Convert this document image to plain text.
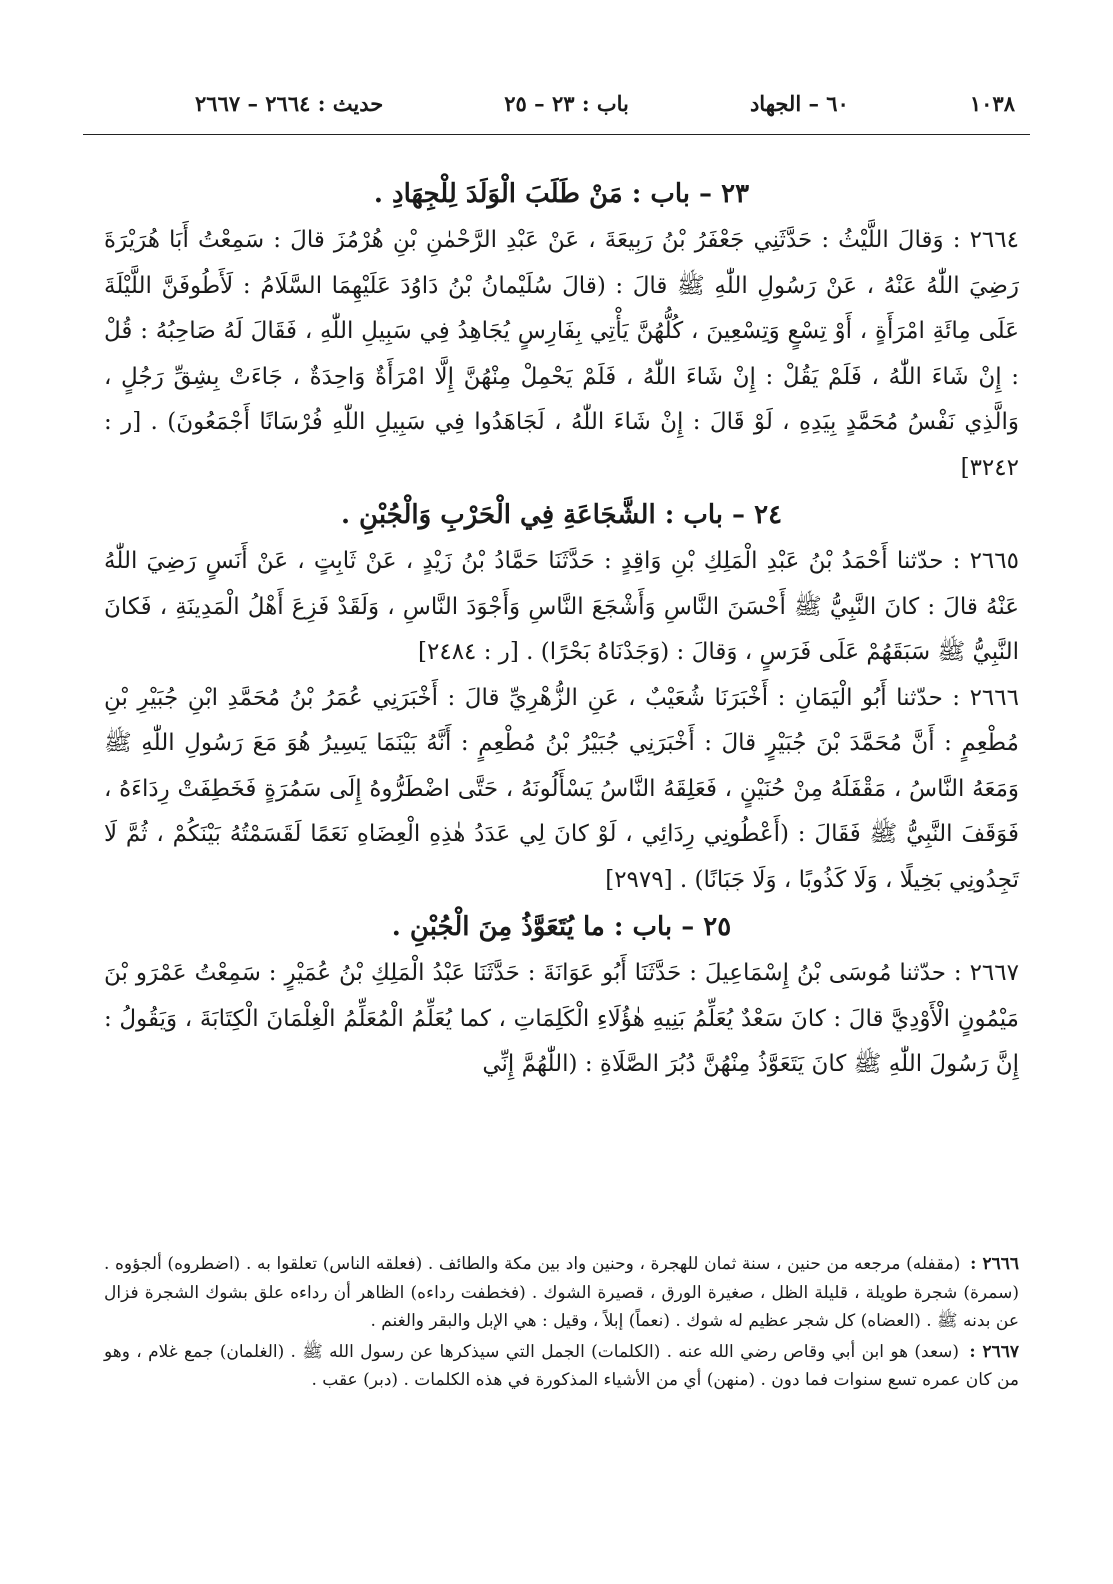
١٠٣٨
٦٠ – الجهاد
باب : ٢٣ – ٢٥
حديث : ٢٦٦٤ – ٢٦٦٧

٢٣ – باب : مَنْ طَلَبَ الْوَلَدَ لِلْجِهَادِ .

٢٦٦٤ : وَقالَ اللَّيْثُ : حَدَّثَنِي جَعْفَرُ بْنُ رَبِيعَةَ ، عَنْ عَبْدِ الرَّحْمٰنِ بْنِ هُرْمُزَ قالَ : سَمِعْتُ أَبَا هُرَيْرَةَ رَضِيَ اللّٰهُ عَنْهُ ، عَنْ رَسُولِ اللّٰهِ ﷺ قالَ : (قالَ سُلَيْمانُ بْنُ دَاوُدَ عَلَيْهِمَا السَّلَامُ : لَأَطُوفَنَّ اللَّيْلَةَ عَلَى مِائَةِ امْرَأَةٍ ، أَوْ تِسْعٍ وَتِسْعِينَ ، كُلُّهُنَّ يَأْتِي بِفَارِسٍ يُجَاهِدُ فِي سَبِيلِ اللّٰهِ ، فَقَالَ لَهُ صَاحِبُهُ : قُلْ : إِنْ شَاءَ اللّٰهُ ، فَلَمْ يَقُلْ : إِنْ شَاءَ اللّٰهُ ، فَلَمْ يَحْمِلْ مِنْهُنَّ إِلَّا امْرَأَةٌ وَاحِدَةٌ ، جَاءَتْ بِشِقِّ رَجُلٍ ، وَالَّذِي نَفْسُ مُحَمَّدٍ بِيَدِهِ ، لَوْ قَالَ : إِنْ شَاءَ اللّٰهُ ، لَجَاهَدُوا فِي سَبِيلِ اللّٰهِ فُرْسَانًا أَجْمَعُونَ) . [ر : ٣٢٤٢]

٢٤ – باب : الشَّجَاعَةِ فِي الْحَرْبِ وَالْجُبْنِ .

٢٦٦٥ : حدّثنا أَحْمَدُ بْنُ عَبْدِ الْمَلِكِ بْنِ وَاقِدٍ : حَدَّثَنَا حَمَّادُ بْنُ زَيْدٍ ، عَنْ ثَابِتٍ ، عَنْ أَنَسٍ رَضِيَ اللّٰهُ عَنْهُ قالَ : كانَ النَّبِيُّ ﷺ أَحْسَنَ النَّاسِ وَأَشْجَعَ النَّاسِ وَأَجْوَدَ النَّاسِ ، وَلَقَدْ فَزِعَ أَهْلُ الْمَدِينَةِ ، فَكانَ النَّبِيُّ ﷺ سَبَقَهُمْ عَلَى فَرَسٍ ، وَقالَ : (وَجَدْنَاهُ بَحْرًا) . [ر : ٢٤٨٤]

٢٦٦٦ : حدّثنا أَبُو الْيَمَانِ : أَخْبَرَنَا شُعَيْبٌ ، عَنِ الزُّهْرِيِّ قالَ : أَخْبَرَنِي عُمَرُ بْنُ مُحَمَّدِ ابْنِ جُبَيْرِ بْنِ مُطْعِمٍ : أَنَّ مُحَمَّدَ بْنَ جُبَيْرٍ قالَ : أَخْبَرَنِي جُبَيْرُ بْنُ مُطْعِمٍ : أَنَّهُ بَيْنَمَا يَسِيرُ هُوَ مَعَ رَسُولِ اللّٰهِ ﷺ وَمَعَهُ النَّاسُ ، مَقْفَلَهُ مِنْ حُنَيْنٍ ، فَعَلِقَهُ النَّاسُ يَسْأَلُونَهُ ، حَتَّى اضْطَرُّوهُ إِلَى سَمُرَةٍ فَخَطِفَتْ رِدَاءَهُ ، فَوَقَفَ النَّبِيُّ ﷺ فَقَالَ : (أَعْطُونِي رِدَائِي ، لَوْ كانَ لِي عَدَدُ هٰذِهِ الْعِضَاهِ نَعَمًا لَقَسَمْتُهُ بَيْنَكُمْ ، ثُمَّ لَا تَجِدُونِي بَخِيلًا ، وَلَا كَذُوبًا ، وَلَا جَبَانًا) . [٢٩٧٩]

٢٥ – باب : ما يُتَعَوَّذُ مِنَ الْجُبْنِ .

٢٦٦٧ : حدّثنا مُوسَى بْنُ إِسْمَاعِيلَ : حَدَّثَنَا أَبُو عَوَانَةَ : حَدَّثَنَا عَبْدُ الْمَلِكِ بْنُ عُمَيْرٍ : سَمِعْتُ عَمْرَو بْنَ مَيْمُونٍ الْأَوْدِيَّ قالَ : كانَ سَعْدٌ يُعَلِّمُ بَنِيهِ هٰؤُلَاءِ الْكَلِمَاتِ ، كما يُعَلِّمُ الْمُعَلِّمُ الْغِلْمَانَ الْكِتَابَةَ ، وَيَقُولُ : إِنَّ رَسُولَ اللّٰهِ ﷺ كانَ يَتَعَوَّذُ مِنْهُنَّ دُبُرَ الصَّلَاةِ : (اللّٰهُمَّ إِنِّي

٢٦٦٦ : (مقفله) مرجعه من حنين ، سنة ثمان للهجرة ، وحنين واد بين مكة والطائف . (فعلقه الناس) تعلقوا به . (اضطروه) ألجؤوه . (سمرة) شجرة طويلة ، قليلة الظل ، صغيرة الورق ، قصيرة الشوك . (فخطفت رداءه) الظاهر أن رداءه علق بشوك الشجرة فزال عن بدنه ﷺ . (العضاه) كل شجر عظيم له شوك . (نعماً) إبلاً ، وقيل : هي الإبل والبقر والغنم .

٢٦٦٧ : (سعد) هو ابن أبي وقاص رضي الله عنه . (الكلمات) الجمل التي سيذكرها عن رسول الله ﷺ . (الغلمان) جمع غلام ، وهو من كان عمره تسع سنوات فما دون . (منهن) أي من الأشياء المذكورة في هذه الكلمات . (دبر) عقب .
